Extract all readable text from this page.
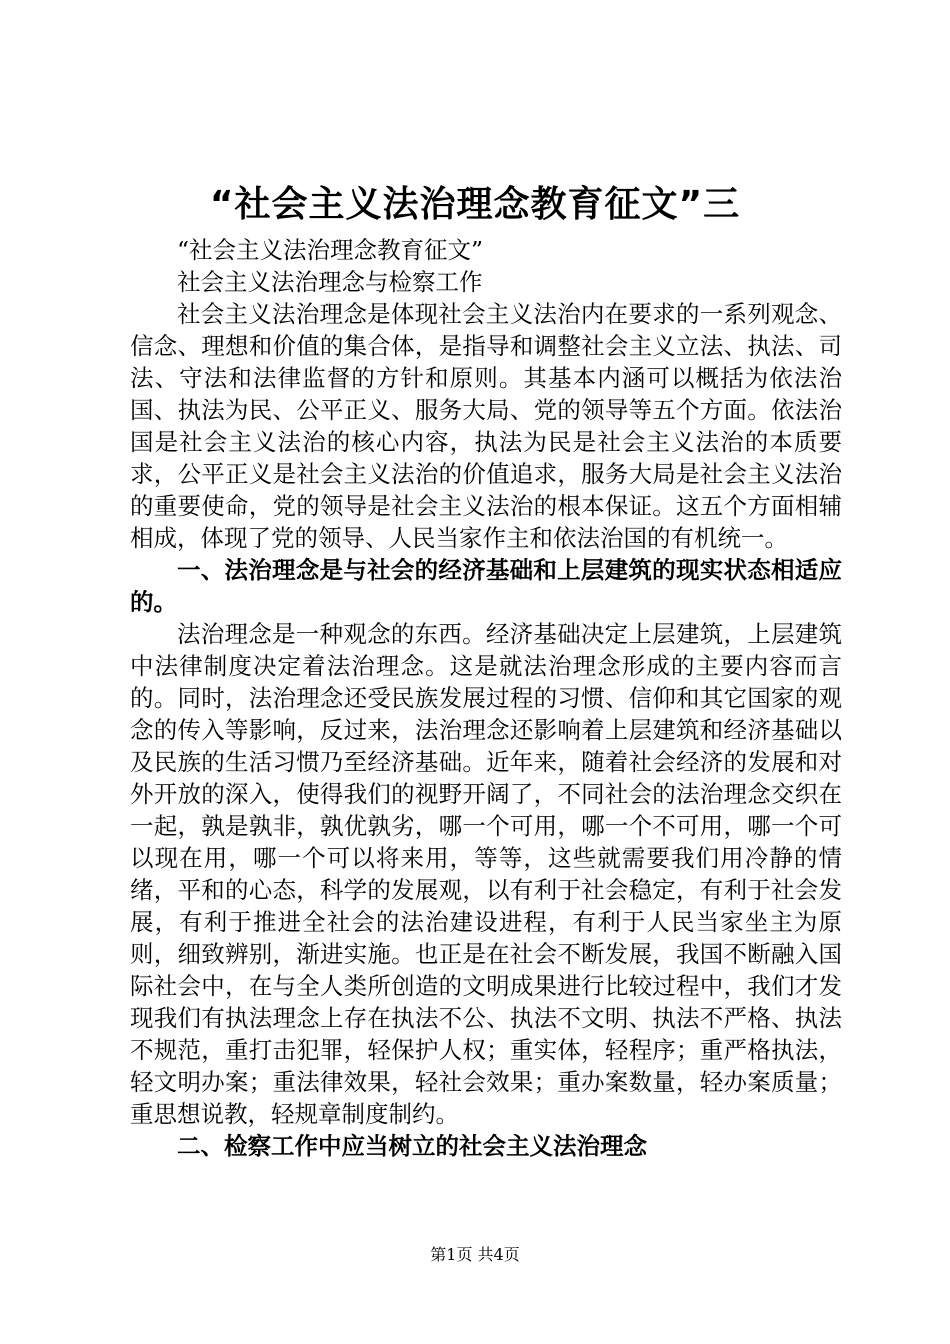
“社会主义法治理念教育征文”三

“社会主义法治理念教育征文”

社会主义法治理念与检察工作

社会主义法治理念是体现社会主义法治内在要求的一系列观念、信念、理想和价值的集合体，是指导和调整社会主义立法、执法、司法、守法和法律监督的方针和原则。其基本内涵可以概括为依法治国、执法为民、公平正义、服务大局、党的领导等五个方面。依法治国是社会主义法治的核心内容，执法为民是社会主义法治的本质要求，公平正义是社会主义法治的价值追求，服务大局是社会主义法治的重要使命，党的领导是社会主义法治的根本保证。这五个方面相辅相成，体现了党的领导、人民当家作主和依法治国的有机统一。

一、法治理念是与社会的经济基础和上层建筑的现实状态相适应的。

法治理念是一种观念的东西。经济基础决定上层建筑，上层建筑中法律制度决定着法治理念。这是就法治理念形成的主要内容而言的。同时，法治理念还受民族发展过程的习惯、信仰和其它国家的观念的传入等影响，反过来，法治理念还影响着上层建筑和经济基础以及民族的生活习惯乃至经济基础。近年来，随着社会经济的发展和对外开放的深入，使得我们的视野开阔了，不同社会的法治理念交织在一起，孰是孰非，孰优孰劣，哪一个可用，哪一个不可用，哪一个可以现在用，哪一个可以将来用，等等，这些就需要我们用冷静的情绪，平和的心态，科学的发展观，以有利于社会稳定，有利于社会发展，有利于推进全社会的法治建设进程，有利于人民当家坐主为原则，细致辨别，渐进实施。也正是在社会不断发展，我国不断融入国际社会中，在与全人类所创造的文明成果进行比较过程中，我们才发现我们有执法理念上存在执法不公、执法不文明、执法不严格、执法不规范，重打击犯罪，轻保护人权；重实体，轻程序；重严格执法，轻文明办案；重法律效果，轻社会效果；重办案数量，轻办案质量；重思想说教，轻规章制度制约。

二、检察工作中应当树立的社会主义法治理念

第1页 共4页
